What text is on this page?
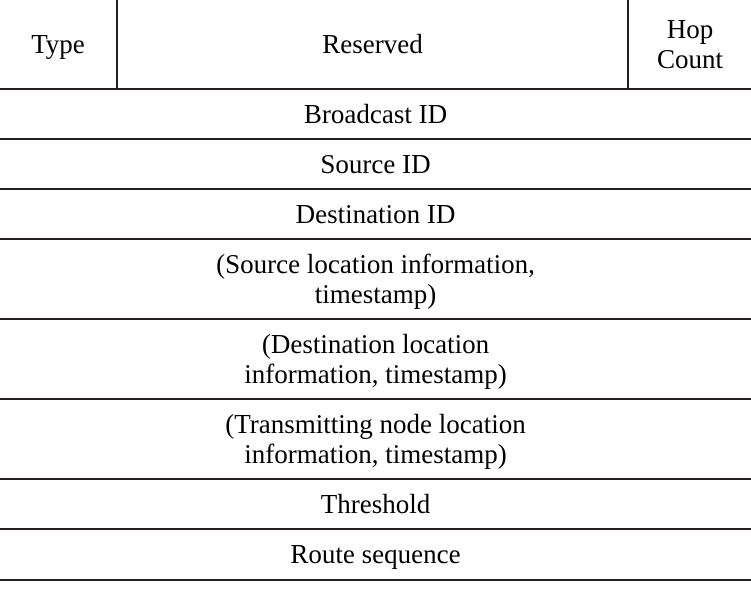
Type	Reserved
Hop Count
Broadcast ID
Source ID
Destination ID
(Source location information,
timestamp)
(Destination location
information, timestamp)
(Transmitting node location
information, timestamp)
Threshold
Route sequence
